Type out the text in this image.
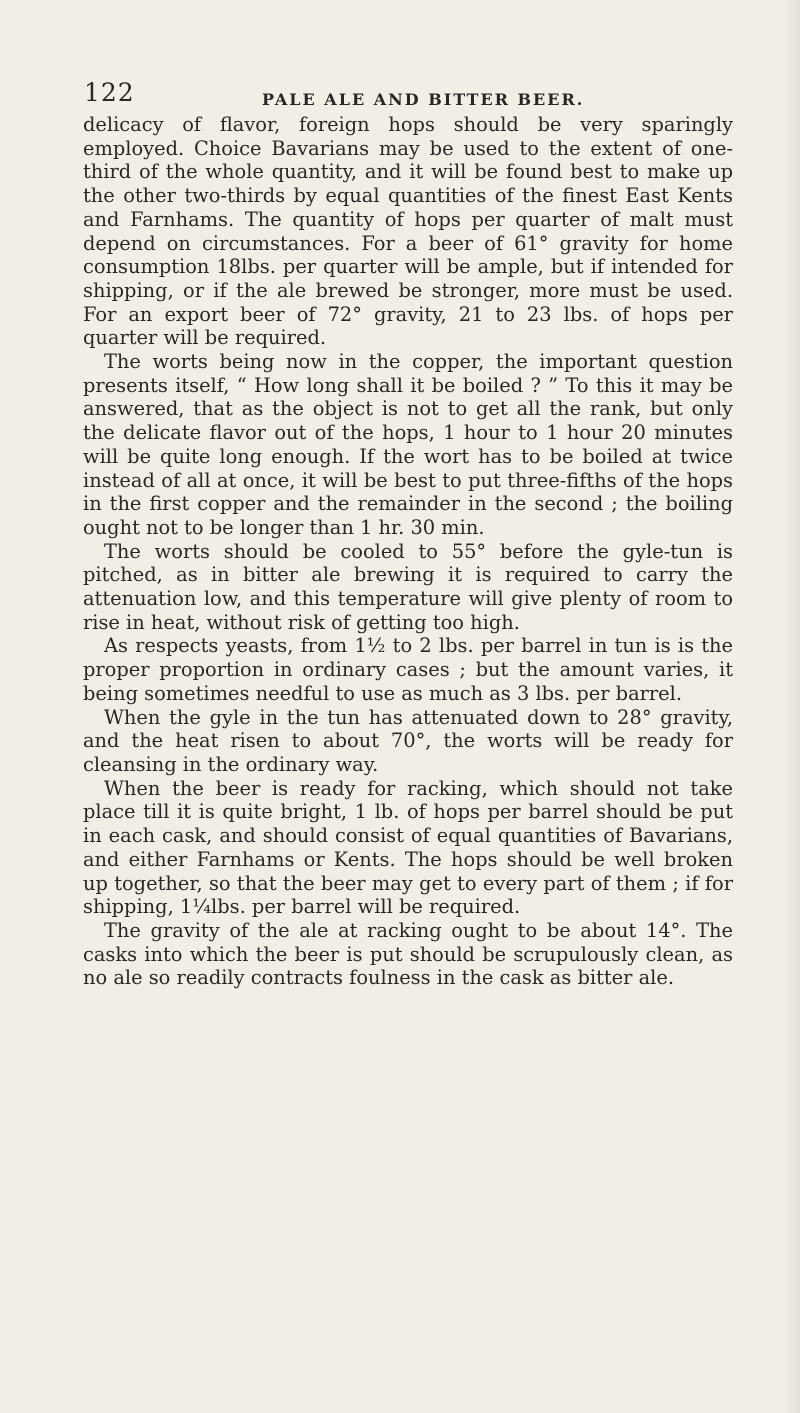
122	PALE ALE AND BITTER BEER.

delicacy of flavor, foreign hops should be very sparingly employed. Choice Bavarians may be used to the extent of one-third of the whole quantity, and it will be found best to make up the other two-thirds by equal quantities of the finest East Kents and Farnhams. The quantity of hops per quarter of malt must depend on circumstances. For a beer of 61° gravity for home consumption 18lbs. per quarter will be ample, but if intended for shipping, or if the ale brewed be stronger, more must be used. For an export beer of 72° gravity, 21 to 23 lbs. of hops per quarter will be required.

The worts being now in the copper, the important question presents itself, “ How long shall it be boiled ? ” To this it may be answered, that as the object is not to get all the rank, but only the delicate flavor out of the hops, 1 hour to 1 hour 20 minutes will be quite long enough. If the wort has to be boiled at twice instead of all at once, it will be best to put three-fifths of the hops in the first copper and the remainder in the second ; the boiling ought not to be longer than 1 hr. 30 min.

The worts should be cooled to 55° before the gyle-tun is pitched, as in bitter ale brewing it is required to carry the attenuation low, and this temperature will give plenty of room to rise in heat, without risk of getting too high.

As respects yeasts, from 1½ to 2 lbs. per barrel in tun is is the proper proportion in ordinary cases ; but the amount varies, it being sometimes needful to use as much as 3 lbs. per barrel.

When the gyle in the tun has attenuated down to 28° gravity, and the heat risen to about 70°, the worts will be ready for cleansing in the ordinary way.

When the beer is ready for racking, which should not take place till it is quite bright, 1 lb. of hops per barrel should be put in each cask, and should consist of equal quantities of Bavarians, and either Farnhams or Kents. The hops should be well broken up together, so that the beer may get to every part of them ; if for shipping, 1¼lbs. per barrel will be required.

The gravity of the ale at racking ought to be about 14°. The casks into which the beer is put should be scrupulously clean, as no ale so readily contracts foulness in the cask as bitter ale.
